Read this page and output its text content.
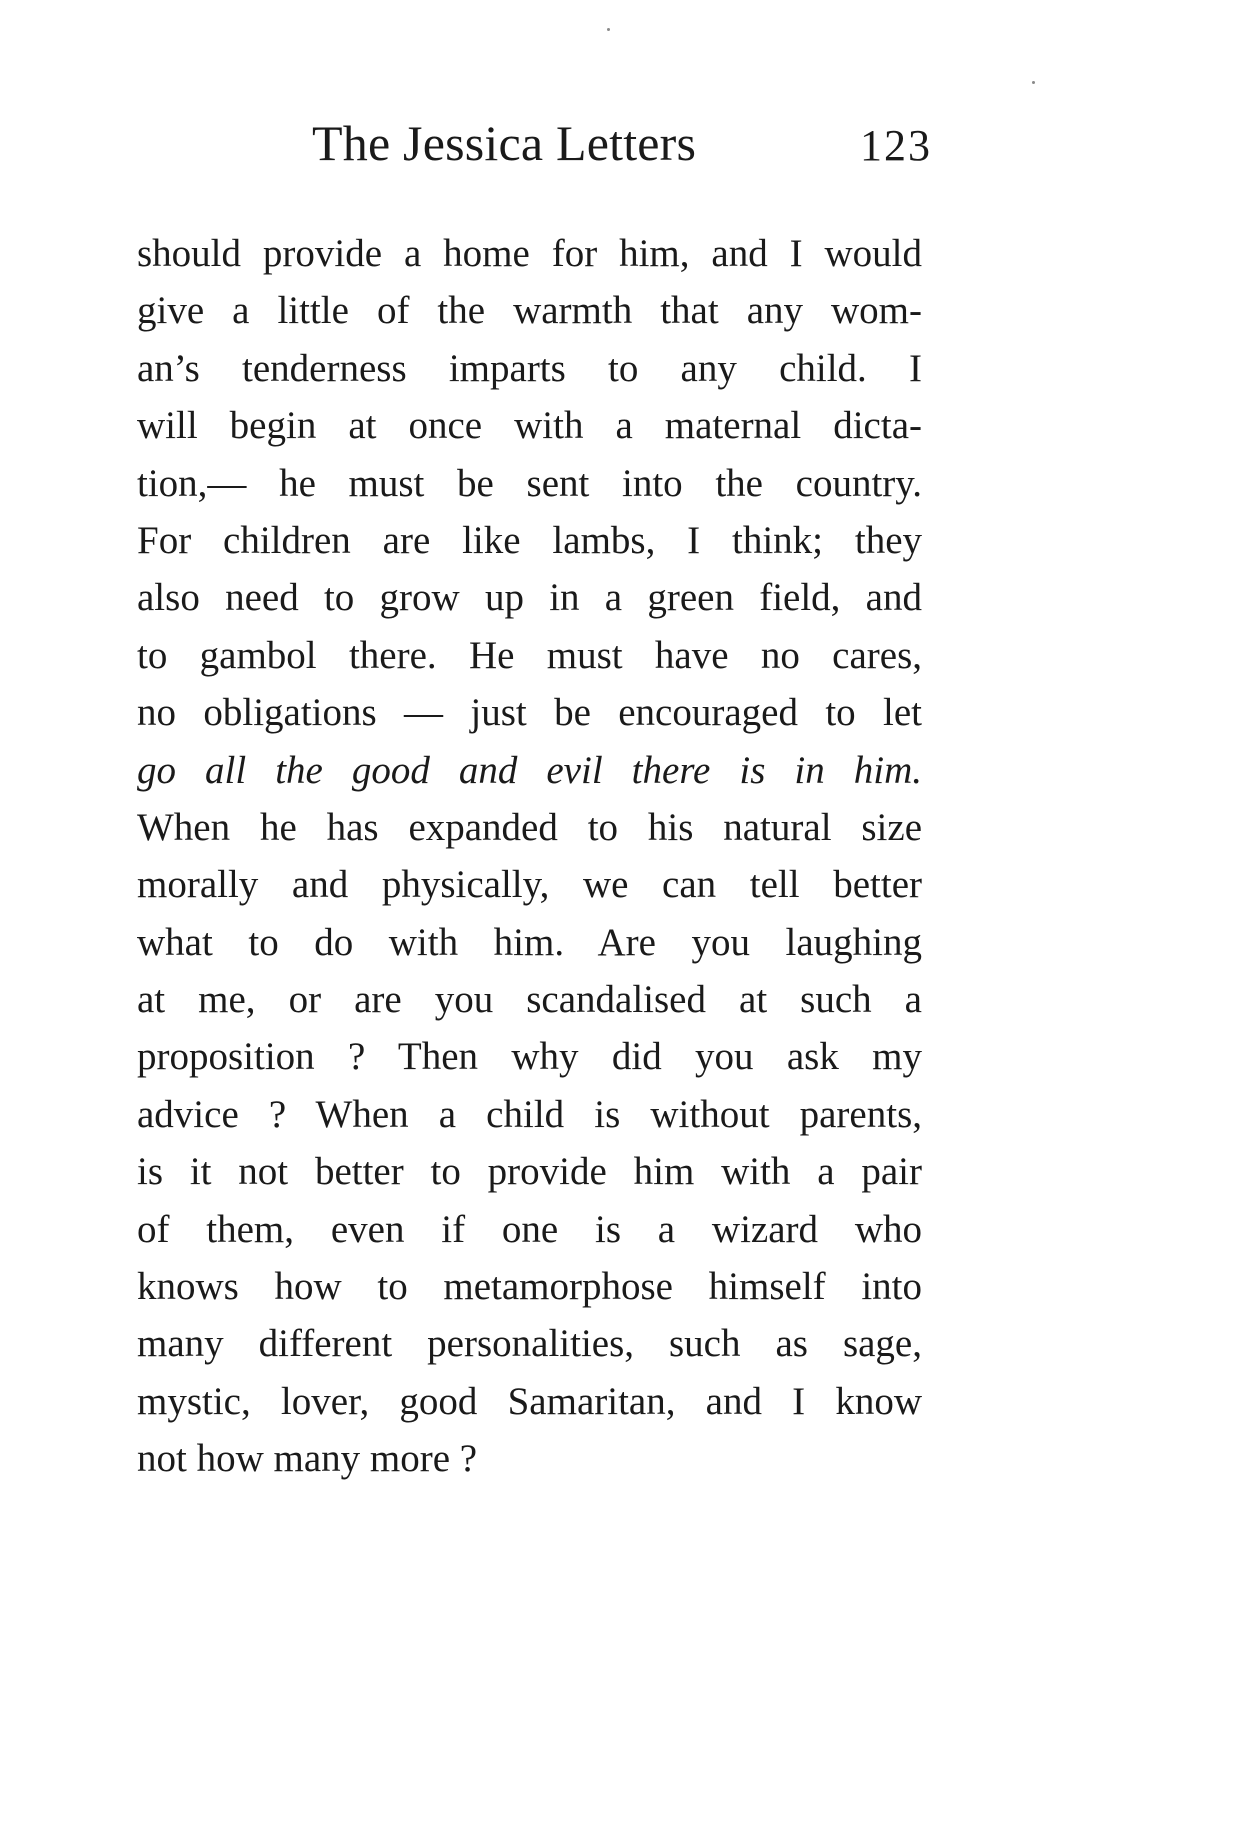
The Jessica Letters	123
should provide a home for him, and I would
give a little of the warmth that any wom-
an’s tenderness imparts to any child. I
will begin at once with a maternal dicta-
tion,— he must be sent into the country.
For children are like lambs, I think; they
also need to grow up in a green field, and
to gambol there. He must have no cares,
no obligations — just be encouraged to let
go all the good and evil there is in him.
When he has expanded to his natural size
morally and physically, we can tell better
what to do with him. Are you laughing
at me, or are you scandalised at such a
proposition ? Then why did you ask my
advice ? When a child is without parents,
is it not better to provide him with a pair
of them, even if one is a wizard who
knows how to metamorphose himself into
many different personalities, such as sage,
mystic, lover, good Samaritan, and I know
not how many more ?
